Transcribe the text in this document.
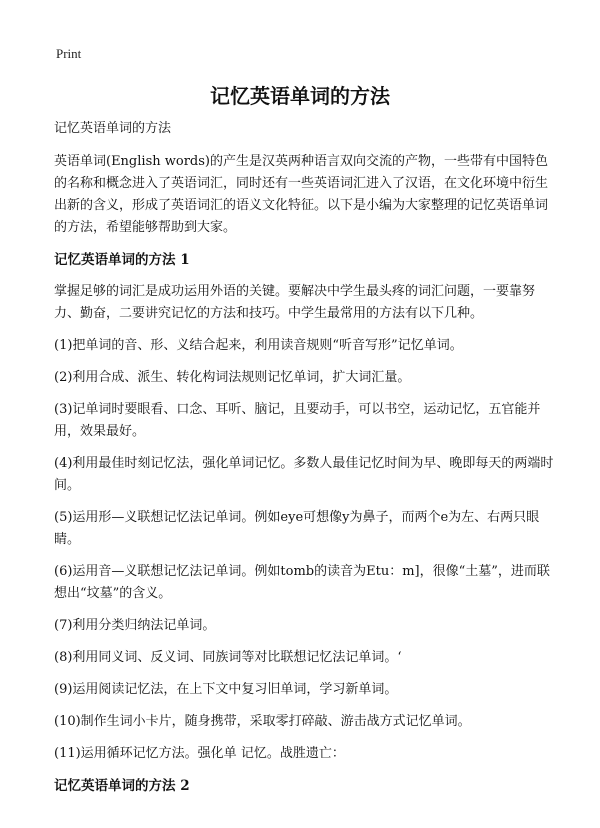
Print
记忆英语单词的方法

记忆英语单词的方法

英语单词(English words)的产生是汉英两种语言双向交流的产物，一些带有中国特色的名称和概念进入了英语词汇，同时还有一些英语词汇进入了汉语，在文化环境中衍生出新的含义，形成了英语词汇的语义文化特征。以下是小编为大家整理的记忆英语单词的方法，希望能够帮助到大家。

记忆英语单词的方法 1

掌握足够的词汇是成功运用外语的关键。要解决中学生最头疼的词汇问题，一要靠努力、勤奋，二要讲究记忆的方法和技巧。中学生最常用的方法有以下几种。

(1)把单词的音、形、义结合起来，利用读音规则“听音写形”记忆单词。

(2)利用合成、派生、转化构词法规则记忆单词，扩大词汇量。

(3)记单词时要眼看、口念、耳听、脑记，且要动手，可以书空，运动记忆，五官能并用，效果最好。

(4)利用最佳时刻记忆法，强化单词记忆。多数人最佳记忆时间为早、晚即每天的两端时间。

(5)运用形—义联想记忆法记单词。例如eye可想像y为鼻子，而两个e为左、右两只眼睛。

(6)运用音—义联想记忆法记单词。例如tomb的读音为Etu：m]，很像“土墓”，进而联想出“坟墓”的含义。

(7)利用分类归纳法记单词。

(8)利用同义词、反义词、同族词等对比联想记忆法记单词。‘

(9)运用阅读记忆法，在上下文中复习旧单词，学习新单词。

(10)制作生词小卡片，随身携带，采取零打碎敲、游击战方式记忆单词。

(11)运用循环记忆方法。强化单 记忆。战胜遗亡：

记忆英语单词的方法 2
